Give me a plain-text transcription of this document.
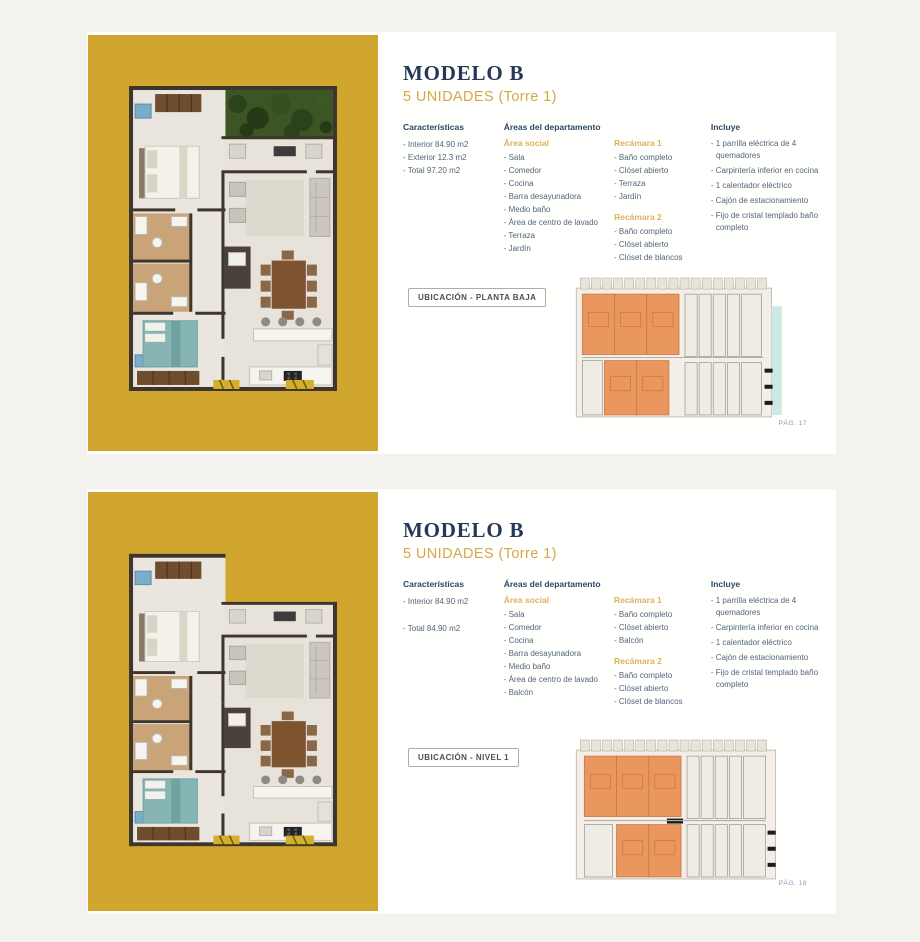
MODELO B
5 UNIDADES (Torre 1)
Características
- Interior 84.90 m2
- Exterior 12.3 m2
- Total 97.20 m2
Áreas del departamento
Área social
- Sala
- Comedor
- Cocina
- Barra desayunadora
- Medio baño
- Área de centro de lavado
- Terraza
- Jardín
Recámara 1
- Baño completo
- Clóset abierto
- Terraza
- Jardín
Recámara 2
- Baño completo
- Clóset abierto
- Clóset de blancos
Incluye
- 1 parrilla eléctrica de 4 quemadores
- Carpintería inferior en cocina
- 1 calentador eléctrico
- Cajón de estacionamiento
- Fijo de cristal templado baño completo
UBICACIÓN - PLANTA BAJA
PÁG. 17
MODELO B
5 UNIDADES (Torre 1)
Características
- Interior 84.90 m2
- Total 84.90 m2
Áreas del departamento
Área social
- Sala
- Comedor
- Cocina
- Barra desayunadora
- Medio baño
- Área de centro de lavado
- Balcón
Recámara 1
- Baño completo
- Clóset abierto
- Balcón
Recámara 2
- Baño completo
- Clóset abierto
- Clóset de blancos
Incluye
- 1 parrilla eléctrica de 4 quemadores
- Carpintería inferior en cocina
- 1 calentador eléctrico
- Cajón de estacionamiento
- Fijo de cristal templado baño completo
UBICACIÓN - NIVEL 1
PÁG. 18
